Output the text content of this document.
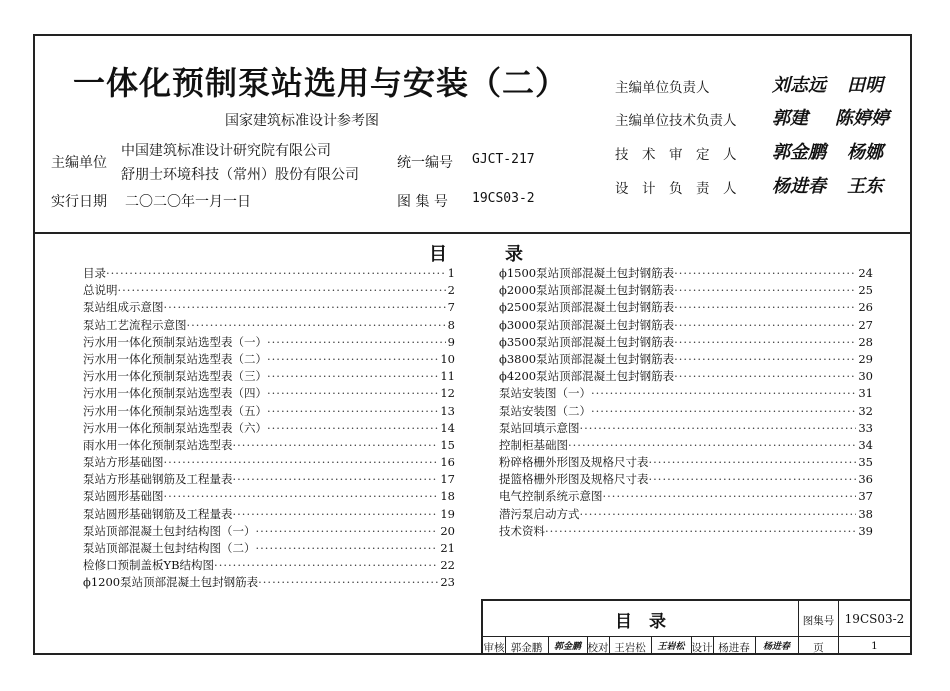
一体化预制泵站选用与安装（二）
国家建筑标准设计参考图
主编单位
中国建筑标准设计研究院有限公司
舒朋士环境科技（常州）股份有限公司
实行日期 二〇二〇年一月一日
统一编号 GJCT-217
图 集 号 19CS03-2
主编单位负责人	刘志远 田明
主编单位技术负责人 郭建 陈婷婷
技　术　审　定　人 郭金鹏 杨娜
设　计　负　责　人 杨进春 王东
目	录
目录 ·····	1
总说明 ·····	2
泵站组成示意图 ·····	7
泵站工艺流程示意图 ·····	8
污水用一体化预制泵站选型表（一） ·····	9
污水用一体化预制泵站选型表（二） ·····	10
污水用一体化预制泵站选型表（三） ·····	11
污水用一体化预制泵站选型表（四） ·····	12
污水用一体化预制泵站选型表（五） ·····	13
污水用一体化预制泵站选型表（六） ·····	14
雨水用一体化预制泵站选型表 ·····	15
泵站方形基础图 ·····	16
泵站方形基础钢筋及工程量表 ·····	17
泵站圆形基础图 ·····	18
泵站圆形基础钢筋及工程量表 ·····	19
泵站顶部混凝土包封结构图（一） ·····	20
泵站顶部混凝土包封结构图（二） ·····	21
检修口预制盖板YB结构图 ·····	22
ϕ1200泵站顶部混凝土包封钢筋表 ·····	23
ϕ1500泵站顶部混凝土包封钢筋表 ·····	24
ϕ2000泵站顶部混凝土包封钢筋表 ·····	25
ϕ2500泵站顶部混凝土包封钢筋表 ·····	26
ϕ3000泵站顶部混凝土包封钢筋表 ·····	27
ϕ3500泵站顶部混凝土包封钢筋表 ·····	28
ϕ3800泵站顶部混凝土包封钢筋表 ·····	29
ϕ4200泵站顶部混凝土包封钢筋表 ·····	30
泵站安装图（一） ·····	31
泵站安装图（二） ·····	32
泵站回填示意图 ·····	33
控制柜基础图 ·····	34
粉碎格栅外形图及规格尺寸表 ·····	35
提篮格栅外形图及规格尺寸表 ·····	36
电气控制系统示意图 ·····	37
潜污泵启动方式 ·····	38
技术资料 ·····	39
目　录	图集号 19CS03-2
页	1
审核 郭金鹏	郭金鹏 校对 王岩松	王岩松 设计 杨进春	杨进春
